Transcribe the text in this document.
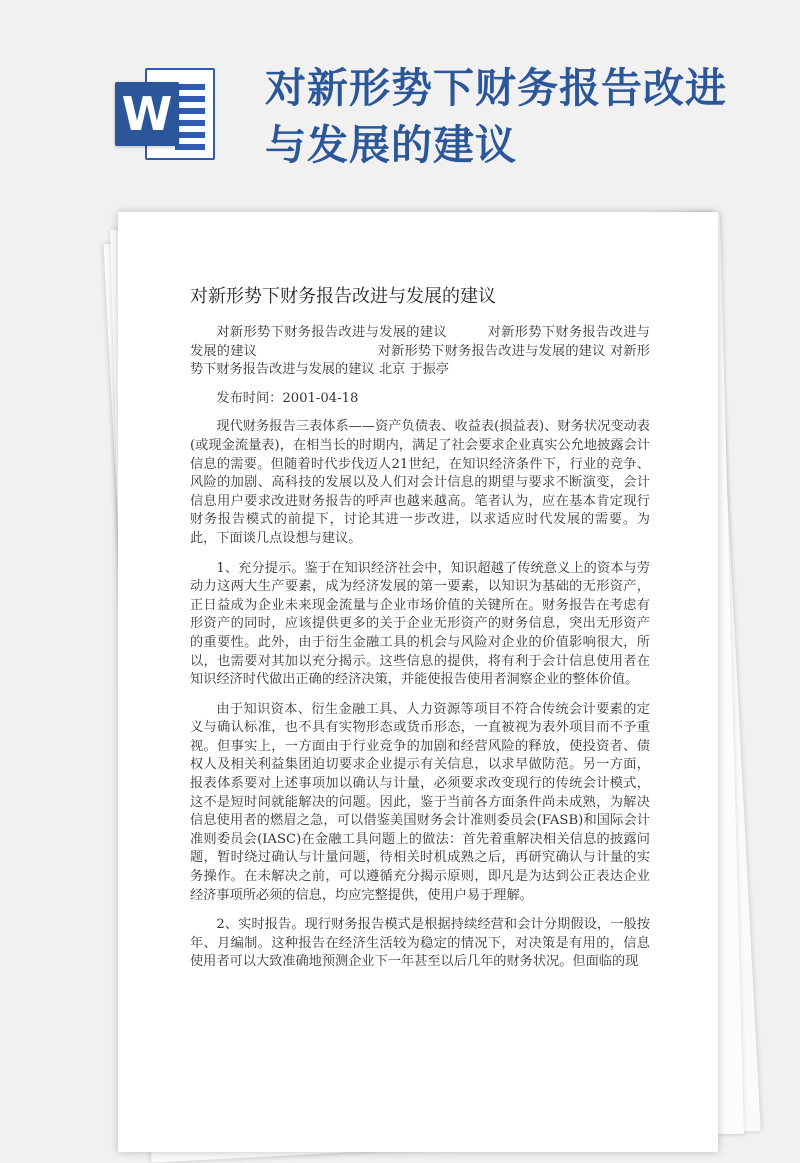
W 对新形势下财务报告改进与发展的建议
对新形势下财务报告改进与发展的建议

对新形势下财务报告改进与发展的建议　　　对新形势下财务报告改进与发展的建议　　　　　　　　　对新形势下财务报告改进与发展的建议 对新形势下财务报告改进与发展的建议 北京 于振亭

发布时间：2001-04-18

现代财务报告三表体系——资产负债表、收益表(损益表)、财务状况变动表(或现金流量表)，在相当长的时期内，满足了社会要求企业真实公允地披露会计信息的需要。但随着时代步伐迈人21世纪，在知识经济条件下，行业的竞争、风险的加剧、高科技的发展以及人们对会计信息的期望与要求不断演变，会计信息用户要求改进财务报告的呼声也越来越高。笔者认为，应在基本肯定现行财务报告模式的前提下，讨论其进一步改进，以求适应时代发展的需要。为此，下面谈几点设想与建议。

1、充分提示。鉴于在知识经济社会中，知识超越了传统意义上的资本与劳动力这两大生产要素，成为经济发展的第一要素，以知识为基础的无形资产，正日益成为企业未来现金流量与企业市场价值的关键所在。财务报告在考虑有形资产的同时，应该提供更多的关于企业无形资产的财务信息，突出无形资产的重要性。此外，由于衍生金融工具的机会与风险对企业的价值影响很大，所以，也需要对其加以充分揭示。这些信息的提供，将有利于会计信息使用者在知识经济时代做出正确的经济决策，并能使报告使用者洞察企业的整体价值。

由于知识资本、衍生金融工具、人力资源等项目不符合传统会计要素的定义与确认标准，也不具有实物形态或货币形态，一直被视为表外项目而不予重视。但事实上，一方面由于行业竞争的加剧和经营风险的释放，使投资者、债权人及相关利益集团迫切要求企业提示有关信息，以求早做防范。另一方面，报表体系要对上述事项加以确认与计量，必须要求改变现行的传统会计模式，这不是短时间就能解决的问题。因此，鉴于当前各方面条件尚未成熟，为解决信息使用者的燃眉之急，可以借鉴美国财务会计准则委员会(FASB)和国际会计准则委员会(IASC)在金融工具问题上的做法：首先着重解决相关信息的披露问题，暂时绕过确认与计量问题，待相关时机成熟之后，再研究确认与计量的实务操作。在未解决之前，可以遵循充分揭示原则，即凡是为达到公正表达企业经济事项所必须的信息，均应完整提供，使用户易于理解。

2、实时报告。现行财务报告模式是根据持续经营和会计分期假设，一般按年、月编制。这种报告在经济生活较为稳定的情况下，对决策是有用的，信息使用者可以大致准确地预测企业下一年甚至以后几年的财务状况。但面临的现
